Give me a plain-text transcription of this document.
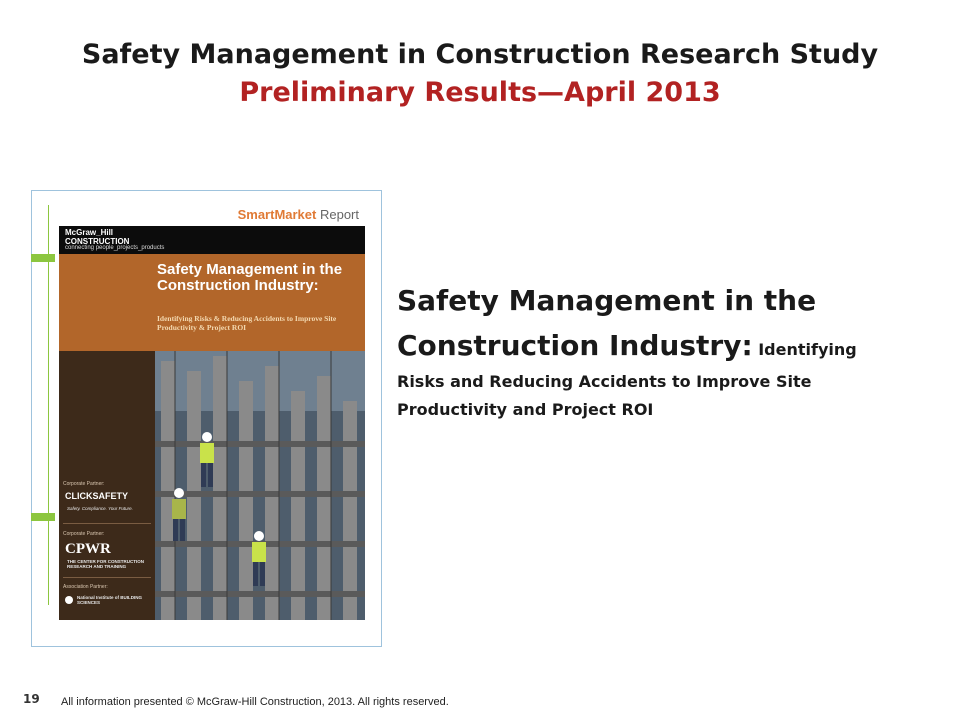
Safety Management in Construction Research Study
Preliminary Results—April 2013
SmartMarket Report
McGraw_Hill
CONSTRUCTION
connecting people_projects_products
Safety Management in the Construction Industry:
Identifying Risks & Reducing Accidents to Improve Site Productivity & Project ROI
Corporate Partner:
CLICKSAFETY
Safety. Compliance. Your Future.
Corporate Partner:
CPWR
THE CENTER FOR CONSTRUCTION RESEARCH AND TRAINING
Association Partner:
National Institute of BUILDING SCIENCES
Safety Management in the Construction Industry: Identifying Risks and Reducing Accidents to Improve Site Productivity and Project ROI
19 All information presented © McGraw-Hill Construction, 2013. All rights reserved.
